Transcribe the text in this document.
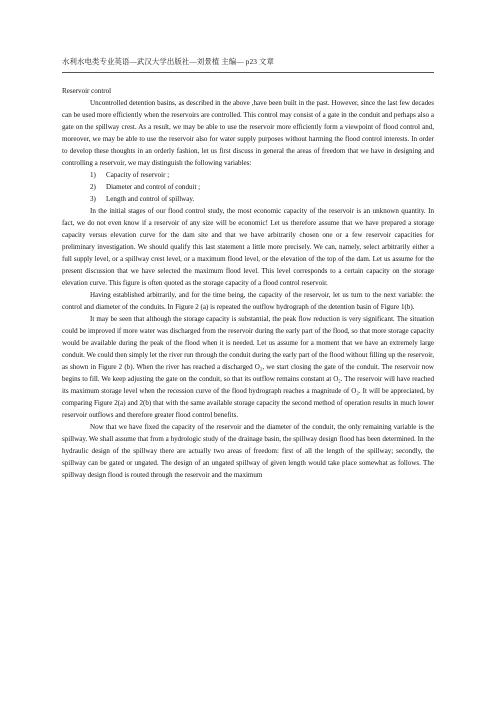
水利水电类专业英语—武汉大学出版社—刘景植 主编— p23 文章

Reservoir control

Uncontrolled detention basins, as described in the above ,have been built in the past. However, since the last few decades can be used more efficiently when the reservoirs are controlled. This control may consist of a gate in the conduit and perhaps also a gate on the spillway crest. As a result, we may be able to use the reservoir more efficiently form a viewpoint of flood control and, moreover, we may be able to use the reservoir also for water supply purposes without harming the flood control interests. In order to develop these thoughts in an orderly fashion, let us first discuss in general the areas of freedom that we have in designing and controlling a reservoir, we may distinguish the following variables:

1) Capacity of reservoir ;
2) Diameter and control of conduit ;
3) Length and control of spillway.

In the initial stages of our flood control study, the most economic capacity of the reservoir is an unknown quantity. In fact, we do not even know if a reservoir of any size will be economic! Let us therefore assume that we have prepared a storage capacity versus elevation curve for the dam site and that we have arbitrarily chosen one or a few reservoir capacities for preliminary investigation. We should qualify this last statement a little more precisely. We can, namely, select arbitrarily either a full supply level, or a spillway crest level, or a maximum flood level, or the elevation of the top of the dam. Let us assume for the present discussion that we have selected the maximum flood level. This level corresponds to a certain capacity on the storage elevation curve. This figure is often quoted as the storage capacity of a flood control reservoir.

Having established arbitrarily, and for the time being, the capacity of the reservoir, let us turn to the next variable: the control and diameter of the conduits. In Figure 2 (a) is repeated the outflow hydrograph of the detention basin of Figure 1(b).

It may be seen that although the storage capacity is substantial, the peak flow reduction is very significant. The situation could be improved if more water was discharged from the reservoir during the early part of the flood, so that more storage capacity would be available during the peak of the flood when it is needed. Let us assume for a moment that we have an extremely large conduit. We could then simply let the river run through the conduit during the early part of the flood without filling up the reservoir, as shown in Figure 2 (b). When the river has reached a discharged O₂, we start closing the gate of the conduit. The reservoir now begins to fill. We keep adjusting the gate on the conduit, so that its outflow remains constant at O₂. The reservoir will have reached its maximum storage level when the recession curve of the flood hydrograph reaches a magnitude of O₂. It will be appreciated, by comparing Figure 2(a) and 2(b) that with the same available storage capacity the second method of operation results in much lower reservoir outflows and therefore greater flood control benefits.

Now that we have fixed the capacity of the reservoir and the diameter of the conduit, the only remaining variable is the spillway. We shall assume that from a hydrologic study of the drainage basin, the spillway design flood has been determined. In the hydraulic design of the spillway there are actually two areas of freedom: first of all the length of the spillway; secondly, the spillway can be gated or ungated. The design of an ungated spillway of given length would take place somewhat as follows. The spillway design flood is routed through the reservoir and the maximum
